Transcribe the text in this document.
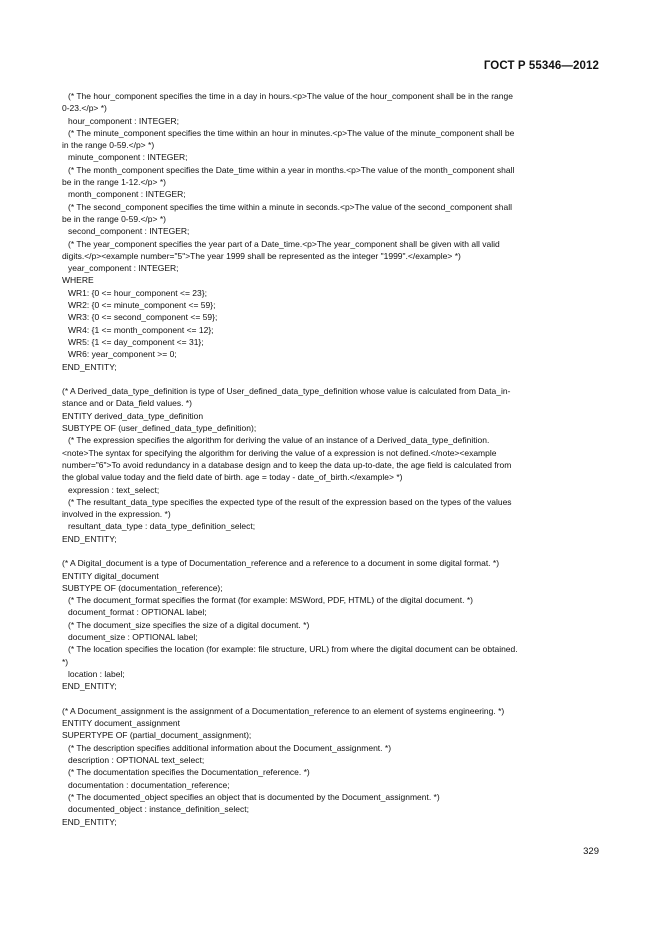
ГОСТ Р 55346—2012
(* The hour_component specifies the time in a day in hours.<p>The value of the hour_component shall be in the range
0-23.</p> *)
hour_component : INTEGER;
(* The minute_component specifies the time within an hour in minutes.<p>The value of the minute_component shall be
in the range 0-59.</p> *)
minute_component : INTEGER;
(* The month_component specifies the Date_time within a year in months.<p>The value of the month_component shall
be in the range 1-12.</p> *)
month_component : INTEGER;
(* The second_component specifies the time within a minute in seconds.<p>The value of the second_component shall
be in the range 0-59.</p> *)
second_component : INTEGER;
(* The year_component specifies the year part of a Date_time.<p>The year_component shall be given with all valid
digits.</p><example number="5">The year 1999 shall be represented as the integer "1999".</example> *)
year_component : INTEGER;
WHERE
WR1: {0 <= hour_component <= 23};
WR2: {0 <= minute_component <= 59};
WR3: {0 <= second_component <= 59};
WR4: {1 <= month_component <= 12};
WR5: {1 <= day_component <= 31};
WR6: year_component >= 0;
END_ENTITY;
(* A Derived_data_type_definition is type of User_defined_data_type_definition whose value is calculated from Data_in-
stance and or Data_field values. *)
ENTITY derived_data_type_definition
SUBTYPE OF (user_defined_data_type_definition);
(* The expression specifies the algorithm for deriving the value of an instance of a Derived_data_type_definition.
<note>The syntax for specifying the algorithm for deriving the value of a expression is not defined.</note><example
number="6">To avoid redundancy in a database design and to keep the data up-to-date, the age field is calculated from
the global value today and the field date of birth. age = today - date_of_birth.</example> *)
expression : text_select;
(* The resultant_data_type specifies the expected type of the result of the expression based on the types of the values
involved in the expression. *)
resultant_data_type : data_type_definition_select;
END_ENTITY;
(* A Digital_document is a type of Documentation_reference and a reference to a document in some digital format. *)
ENTITY digital_document
SUBTYPE OF (documentation_reference);
(* The document_format specifies the format (for example: MSWord, PDF, HTML) of the digital document. *)
document_format : OPTIONAL label;
(* The document_size specifies the size of a digital document. *)
document_size : OPTIONAL label;
(* The location specifies the location (for example: file structure, URL) from where the digital document can be obtained.
*)
location : label;
END_ENTITY;
(* A Document_assignment is the assignment of a Documentation_reference to an element of systems engineering. *)
ENTITY document_assignment
SUPERTYPE OF (partial_document_assignment);
(* The description specifies additional information about the Document_assignment. *)
description : OPTIONAL text_select;
(* The documentation specifies the Documentation_reference. *)
documentation : documentation_reference;
(* The documented_object specifies an object that is documented by the Document_assignment. *)
documented_object : instance_definition_select;
END_ENTITY;
329
